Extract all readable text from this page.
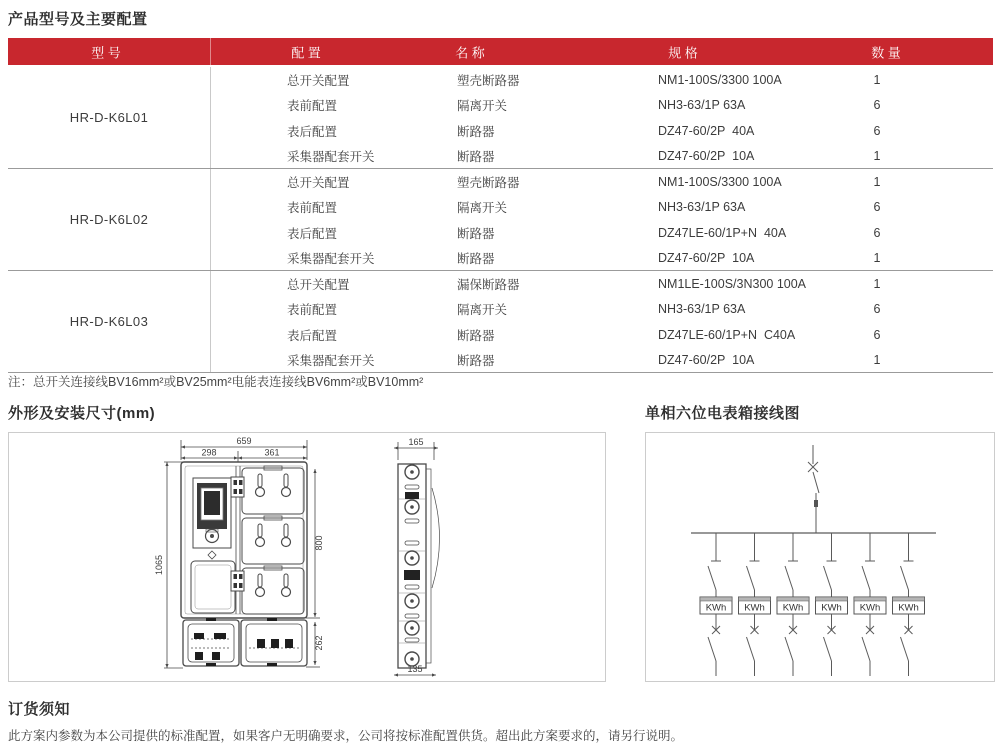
产品型号及主要配置
型 号	配 置	名 称	规 格	数 量
HR-D-K6L01
总开关配置	塑壳断路器	NM1-100S/3300 100A	1
表前配置	隔离开关	NH3-63/1P 63A	6
表后配置	断路器	DZ47-60/2P  40A	6
采集器配套开关	断路器	DZ47-60/2P  10A	1
HR-D-K6L02
总开关配置	塑壳断路器	NM1-100S/3300 100A	1
表前配置	隔离开关	NH3-63/1P 63A	6
表后配置	断路器	DZ47LE-60/1P+N  40A	6
采集器配套开关	断路器	DZ47-60/2P  10A	1
HR-D-K6L03
总开关配置	漏保断路器	NM1LE-100S/3N300 100A	1
表前配置	隔离开关	NH3-63/1P 63A	6
表后配置	断路器	DZ47LE-60/1P+N  C40A	6
采集器配套开关	断路器	DZ47-60/2P  10A	1
注：总开关连接线BV16mm²或BV25mm²电能表连接线BV6mm²或BV10mm²
外形及安装尺寸(mm)	单相六位电表箱接线图
659
298	361
1065
800
262
165
135
KWh KWh KWh KWh KWh KWh
订货须知
此方案内参数为本公司提供的标准配置，如果客户无明确要求，公司将按标准配置供货。超出此方案要求的，请另行说明。
